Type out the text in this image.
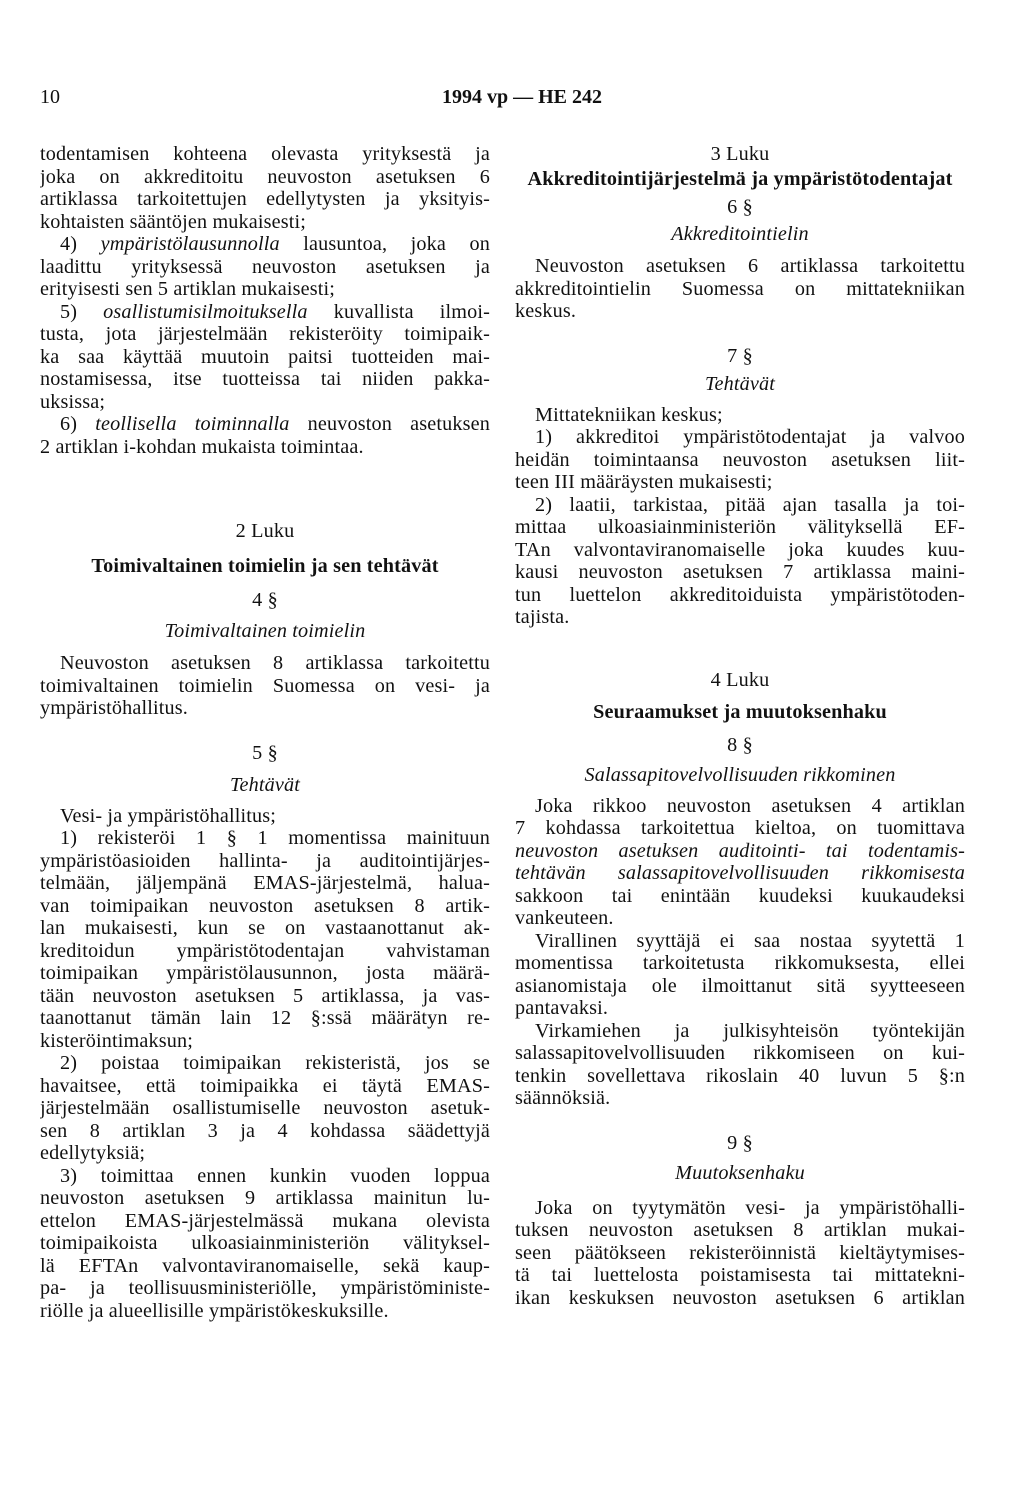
10	1994 vp — HE 242
todentamisen kohteena olevasta yrityksestä ja
joka on akkreditoitu neuvoston asetuksen 6
artiklassa tarkoitettujen edellytysten ja yksityis-
kohtaisten sääntöjen mukaisesti;
4) ympäristölausunnolla lausuntoa, joka on
laadittu yrityksessä neuvoston asetuksen ja
erityisesti sen 5 artiklan mukaisesti;
5) osallistumisilmoituksella kuvallista ilmoi-
tusta, jota järjestelmään rekisteröity toimipaik-
ka saa käyttää muutoin paitsi tuotteiden mai-
nostamisessa, itse tuotteissa tai niiden pakka-
uksissa;
6) teollisella toiminnalla neuvoston asetuksen
2 artiklan i-kohdan mukaista toimintaa.
2 Luku
Toimivaltainen toimielin ja sen tehtävät
4 §
Toimivaltainen toimielin
Neuvoston asetuksen 8 artiklassa tarkoitettu
toimivaltainen toimielin Suomessa on vesi- ja
ympäristöhallitus.
5 §
Tehtävät
Vesi- ja ympäristöhallitus;
1) rekisteröi 1 § 1 momentissa mainituun
ympäristöasioiden hallinta- ja auditointijärjes-
telmään, jäljempänä EMAS-järjestelmä, halua-
van toimipaikan neuvoston asetuksen 8 artik-
lan mukaisesti, kun se on vastaanottanut ak-
kreditoidun ympäristötodentajan vahvistaman
toimipaikan ympäristölausunnon, josta määrä-
tään neuvoston asetuksen 5 artiklassa, ja vas-
taanottanut tämän lain 12 §:ssä määrätyn re-
kisteröintimaksun;
2) poistaa toimipaikan rekisteristä, jos se
havaitsee, että toimipaikka ei täytä EMAS-
järjestelmään osallistumiselle neuvoston asetuk-
sen 8 artiklan 3 ja 4 kohdassa säädettyjä
edellytyksiä;
3) toimittaa ennen kunkin vuoden loppua
neuvoston asetuksen 9 artiklassa mainitun lu-
ettelon EMAS-järjestelmässä mukana olevista
toimipaikoista ulkoasiainministeriön välityksel-
lä EFTAn valvontaviranomaiselle, sekä kaup-
pa- ja teollisuusministeriölle, ympäristöministe-
riölle ja alueellisille ympäristökeskuksille.
3 Luku
Akkreditointijärjestelmä ja ympäristötodentajat
6 §
Akkreditointielin
Neuvoston asetuksen 6 artiklassa tarkoitettu
akkreditointielin Suomessa on mittatekniikan
keskus.
7 §
Tehtävät
Mittatekniikan keskus;
1) akkreditoi ympäristötodentajat ja valvoo
heidän toimintaansa neuvoston asetuksen liit-
teen III määräysten mukaisesti;
2) laatii, tarkistaa, pitää ajan tasalla ja toi-
mittaa ulkoasiainministeriön välityksellä EF-
TAn valvontaviranomaiselle joka kuudes kuu-
kausi neuvoston asetuksen 7 artiklassa maini-
tun luettelon akkreditoiduista ympäristötoden-
tajista.
4 Luku
Seuraamukset ja muutoksenhaku
8 §
Salassapitovelvollisuuden rikkominen
Joka rikkoo neuvoston asetuksen 4 artiklan
7 kohdassa tarkoitettua kieltoa, on tuomittava
neuvoston asetuksen auditointi- tai todentamis-
tehtävän salassapitovelvollisuuden rikkomisesta
sakkoon tai enintään kuudeksi kuukaudeksi
vankeuteen.
Virallinen syyttäjä ei saa nostaa syytettä 1
momentissa tarkoitetusta rikkomuksesta, ellei
asianomistaja ole ilmoittanut sitä syytteeseen
pantavaksi.
Virkamiehen ja julkisyhteisön työntekijän
salassapitovelvollisuuden rikkomiseen on kui-
tenkin sovellettava rikoslain 40 luvun 5 §:n
säännöksiä.
9 §
Muutoksenhaku
Joka on tyytymätön vesi- ja ympäristöhalli-
tuksen neuvoston asetuksen 8 artiklan mukai-
seen päätökseen rekisteröinnistä kieltäytymises-
tä tai luettelosta poistamisesta tai mittatekni-
ikan keskuksen neuvoston asetuksen 6 artiklan
